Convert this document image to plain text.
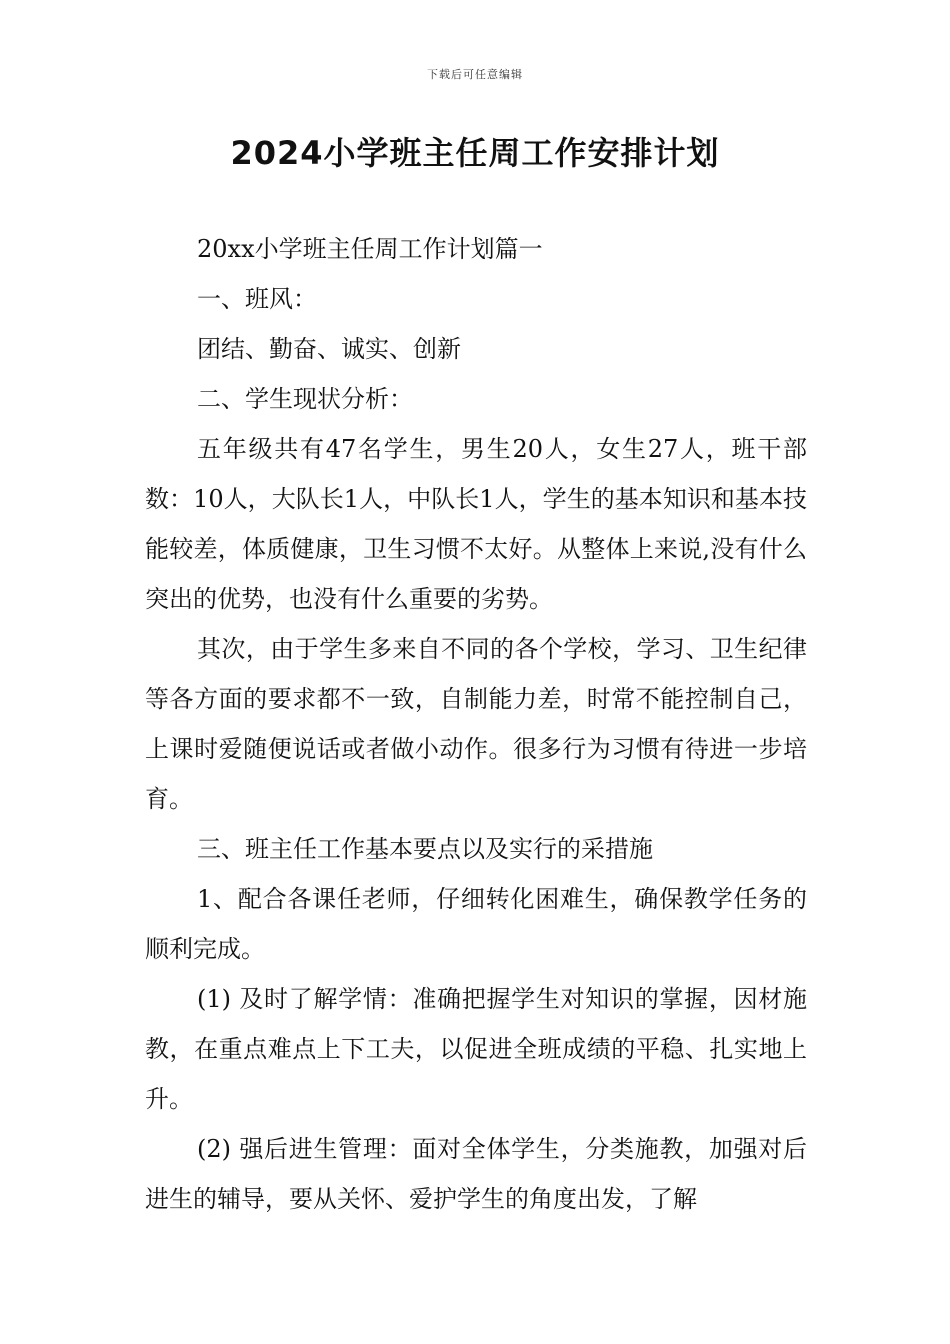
下载后可任意编辑
2024小学班主任周工作安排计划

20xx小学班主任周工作计划篇一

一、班风：

团结、勤奋、诚实、创新

二、学生现状分析：

五年级共有47名学生，男生20人，女生27人，班干部数：10人，大队长1人，中队长1人，学生的基本知识和基本技能较差，体质健康，卫生习惯不太好。从整体上来说,没有什么突出的优势，也没有什么重要的劣势。

其次，由于学生多来自不同的各个学校，学习、卫生纪律等各方面的要求都不一致，自制能力差，时常不能控制自己，上课时爱随便说话或者做小动作。很多行为习惯有待进一步培育。

三、班主任工作基本要点以及实行的采措施

1、配合各课任老师，仔细转化困难生，确保教学任务的顺利完成。

(1) 及时了解学情：准确把握学生对知识的掌握，因材施教，在重点难点上下工夫，以促进全班成绩的平稳、扎实地上升。

(2) 强后进生管理：面对全体学生，分类施教，加强对后进生的辅导，要从关怀、爱护学生的角度出发，了解
